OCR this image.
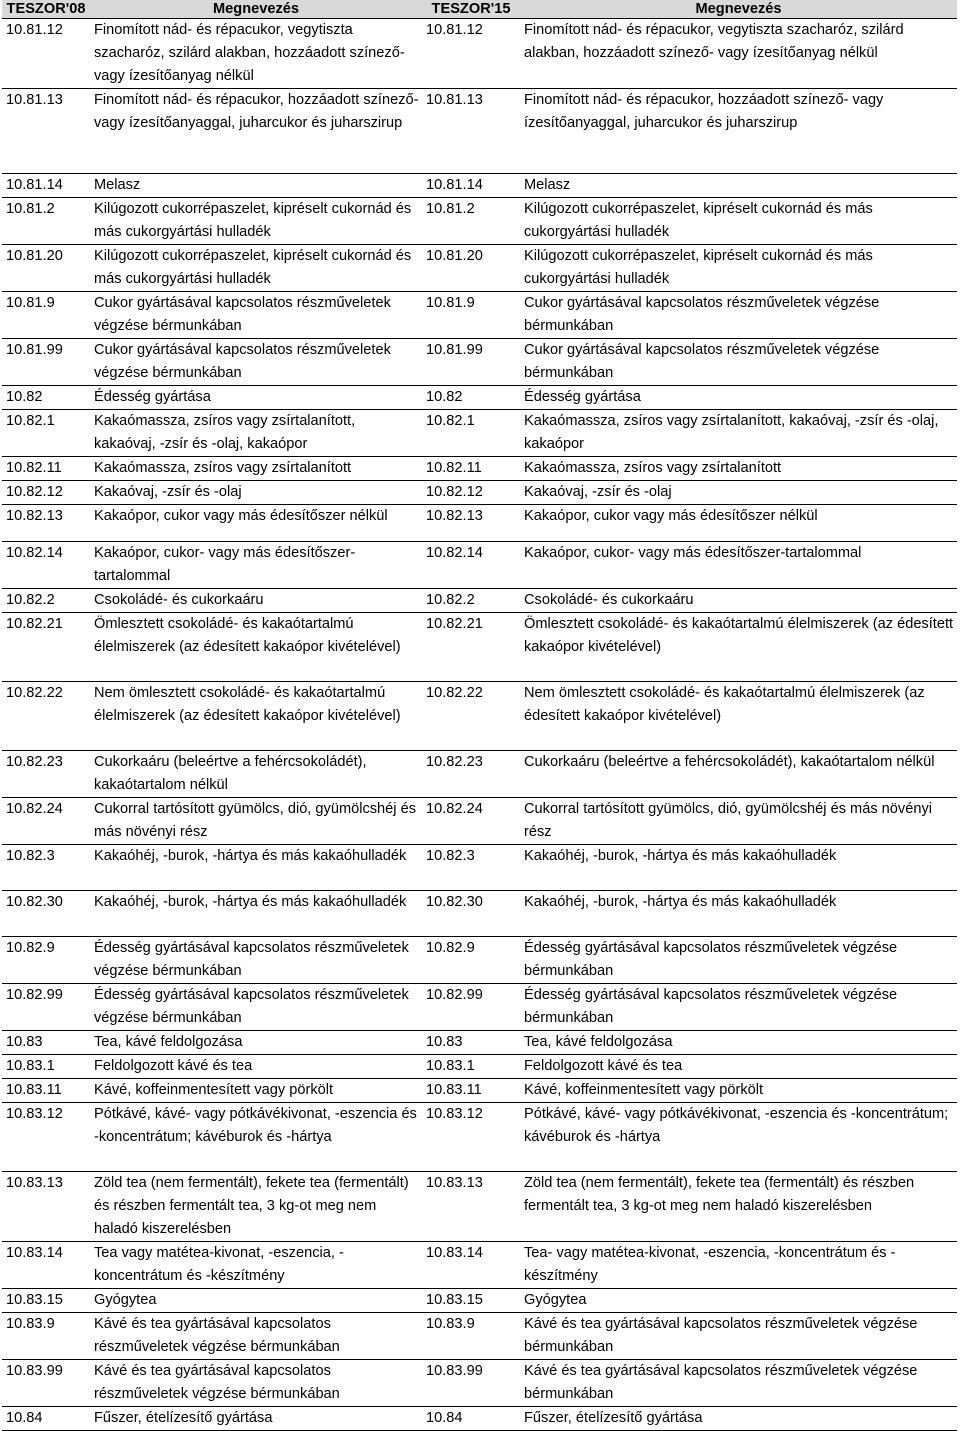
TESZOR'08	Megnevezés	TESZOR'15	Megnevezés
10.81.12	Finomított nád- és répacukor, vegytiszta szacharóz, szilárd alakban, hozzáadott színező- vagy ízesítőanyag nélkül	10.81.12	Finomított nád- és répacukor, vegytiszta szacharóz, szilárd alakban, hozzáadott színező- vagy ízesítőanyag nélkül
10.81.13	Finomított nád- és répacukor, hozzáadott színező- vagy ízesítőanyaggal, juharcukor és juharszirup	10.81.13	Finomított nád- és répacukor, hozzáadott színező- vagy ízesítőanyaggal, juharcukor és juharszirup
10.81.14	Melasz	10.81.14	Melasz
10.81.2	Kilúgozott cukorrépaszelet, kipréselt cukornád és más cukorgyártási hulladék	10.81.2	Kilúgozott cukorrépaszelet, kipréselt cukornád és más cukorgyártási hulladék
10.81.20	Kilúgozott cukorrépaszelet, kipréselt cukornád és más cukorgyártási hulladék	10.81.20	Kilúgozott cukorrépaszelet, kipréselt cukornád és más cukorgyártási hulladék
10.81.9	Cukor gyártásával kapcsolatos részműveletek végzése bérmunkában	10.81.9	Cukor gyártásával kapcsolatos részműveletek végzése bérmunkában
10.81.99	Cukor gyártásával kapcsolatos részműveletek végzése bérmunkában	10.81.99	Cukor gyártásával kapcsolatos részműveletek végzése bérmunkában
10.82	Édesség gyártása	10.82	Édesség gyártása
10.82.1	Kakaómassza, zsíros vagy zsírtalanított, kakaóvaj, -zsír és -olaj, kakaópor	10.82.1	Kakaómassza, zsíros vagy zsírtalanított, kakaóvaj, -zsír és -olaj, kakaópor
10.82.11	Kakaómassza, zsíros vagy zsírtalanított	10.82.11	Kakaómassza, zsíros vagy zsírtalanított
10.82.12	Kakaóvaj, -zsír és -olaj	10.82.12	Kakaóvaj, -zsír és -olaj
10.82.13	Kakaópor, cukor vagy más édesítőszer nélkül	10.82.13	Kakaópor, cukor vagy más édesítőszer nélkül
10.82.14	Kakaópor, cukor- vagy más édesítőszer-tartalommal	10.82.14	Kakaópor, cukor- vagy más édesítőszer-tartalommal
10.82.2	Csokoládé- és cukorkaáru	10.82.2	Csokoládé- és cukorkaáru
10.82.21	Ömlesztett csokoládé- és kakaótartalmú élelmiszerek (az édesített kakaópor kivételével)	10.82.21	Ömlesztett csokoládé- és kakaótartalmú élelmiszerek (az édesített kakaópor kivételével)
10.82.22	Nem ömlesztett csokoládé- és kakaótartalmú élelmiszerek (az édesített kakaópor kivételével)	10.82.22	Nem ömlesztett csokoládé- és kakaótartalmú élelmiszerek (az édesített kakaópor kivételével)
10.82.23	Cukorkaáru (beleértve a fehércsokoládét), kakaótartalom nélkül	10.82.23	Cukorkaáru (beleértve a fehércsokoládét), kakaótartalom nélkül
10.82.24	Cukorral tartósított gyümölcs, dió, gyümölcshéj és más növényi rész	10.82.24	Cukorral tartósított gyümölcs, dió, gyümölcshéj és más növényi rész
10.82.3	Kakaóhéj, -burok, -hártya és más kakaóhulladék	10.82.3	Kakaóhéj, -burok, -hártya és más kakaóhulladék
10.82.30	Kakaóhéj, -burok, -hártya és más kakaóhulladék	10.82.30	Kakaóhéj, -burok, -hártya és más kakaóhulladék
10.82.9	Édesség gyártásával kapcsolatos részműveletek végzése bérmunkában	10.82.9	Édesség gyártásával kapcsolatos részműveletek végzése bérmunkában
10.82.99	Édesség gyártásával kapcsolatos részműveletek végzése bérmunkában	10.82.99	Édesség gyártásával kapcsolatos részműveletek végzése bérmunkában
10.83	Tea, kávé feldolgozása	10.83	Tea, kávé feldolgozása
10.83.1	Feldolgozott kávé és tea	10.83.1	Feldolgozott kávé és tea
10.83.11	Kávé, koffeinmentesített vagy pörkölt	10.83.11	Kávé, koffeinmentesített vagy pörkölt
10.83.12	Pótkávé, kávé- vagy pótkávékivonat, -eszencia és -koncentrátum; kávéburok és -hártya	10.83.12	Pótkávé, kávé- vagy pótkávékivonat, -eszencia és -koncentrátum; kávéburok és -hártya
10.83.13	Zöld tea (nem fermentált), fekete tea (fermentált) és részben fermentált tea, 3 kg-ot meg nem haladó kiszerelésben	10.83.13	Zöld tea (nem fermentált), fekete tea (fermentált) és részben fermentált tea, 3 kg-ot meg nem haladó kiszerelésben
10.83.14	Tea vagy matétea-kivonat, -eszencia, -koncentrátum és -készítmény	10.83.14	Tea- vagy matétea-kivonat, -eszencia, -koncentrátum és -készítmény
10.83.15	Gyógytea	10.83.15	Gyógytea
10.83.9	Kávé és tea gyártásával kapcsolatos részműveletek végzése bérmunkában	10.83.9	Kávé és tea gyártásával kapcsolatos részműveletek végzése bérmunkában
10.83.99	Kávé és tea gyártásával kapcsolatos részműveletek végzése bérmunkában	10.83.99	Kávé és tea gyártásával kapcsolatos részműveletek végzése bérmunkában
10.84	Fűszer, ételízesítő gyártása	10.84	Fűszer, ételízesítő gyártása
